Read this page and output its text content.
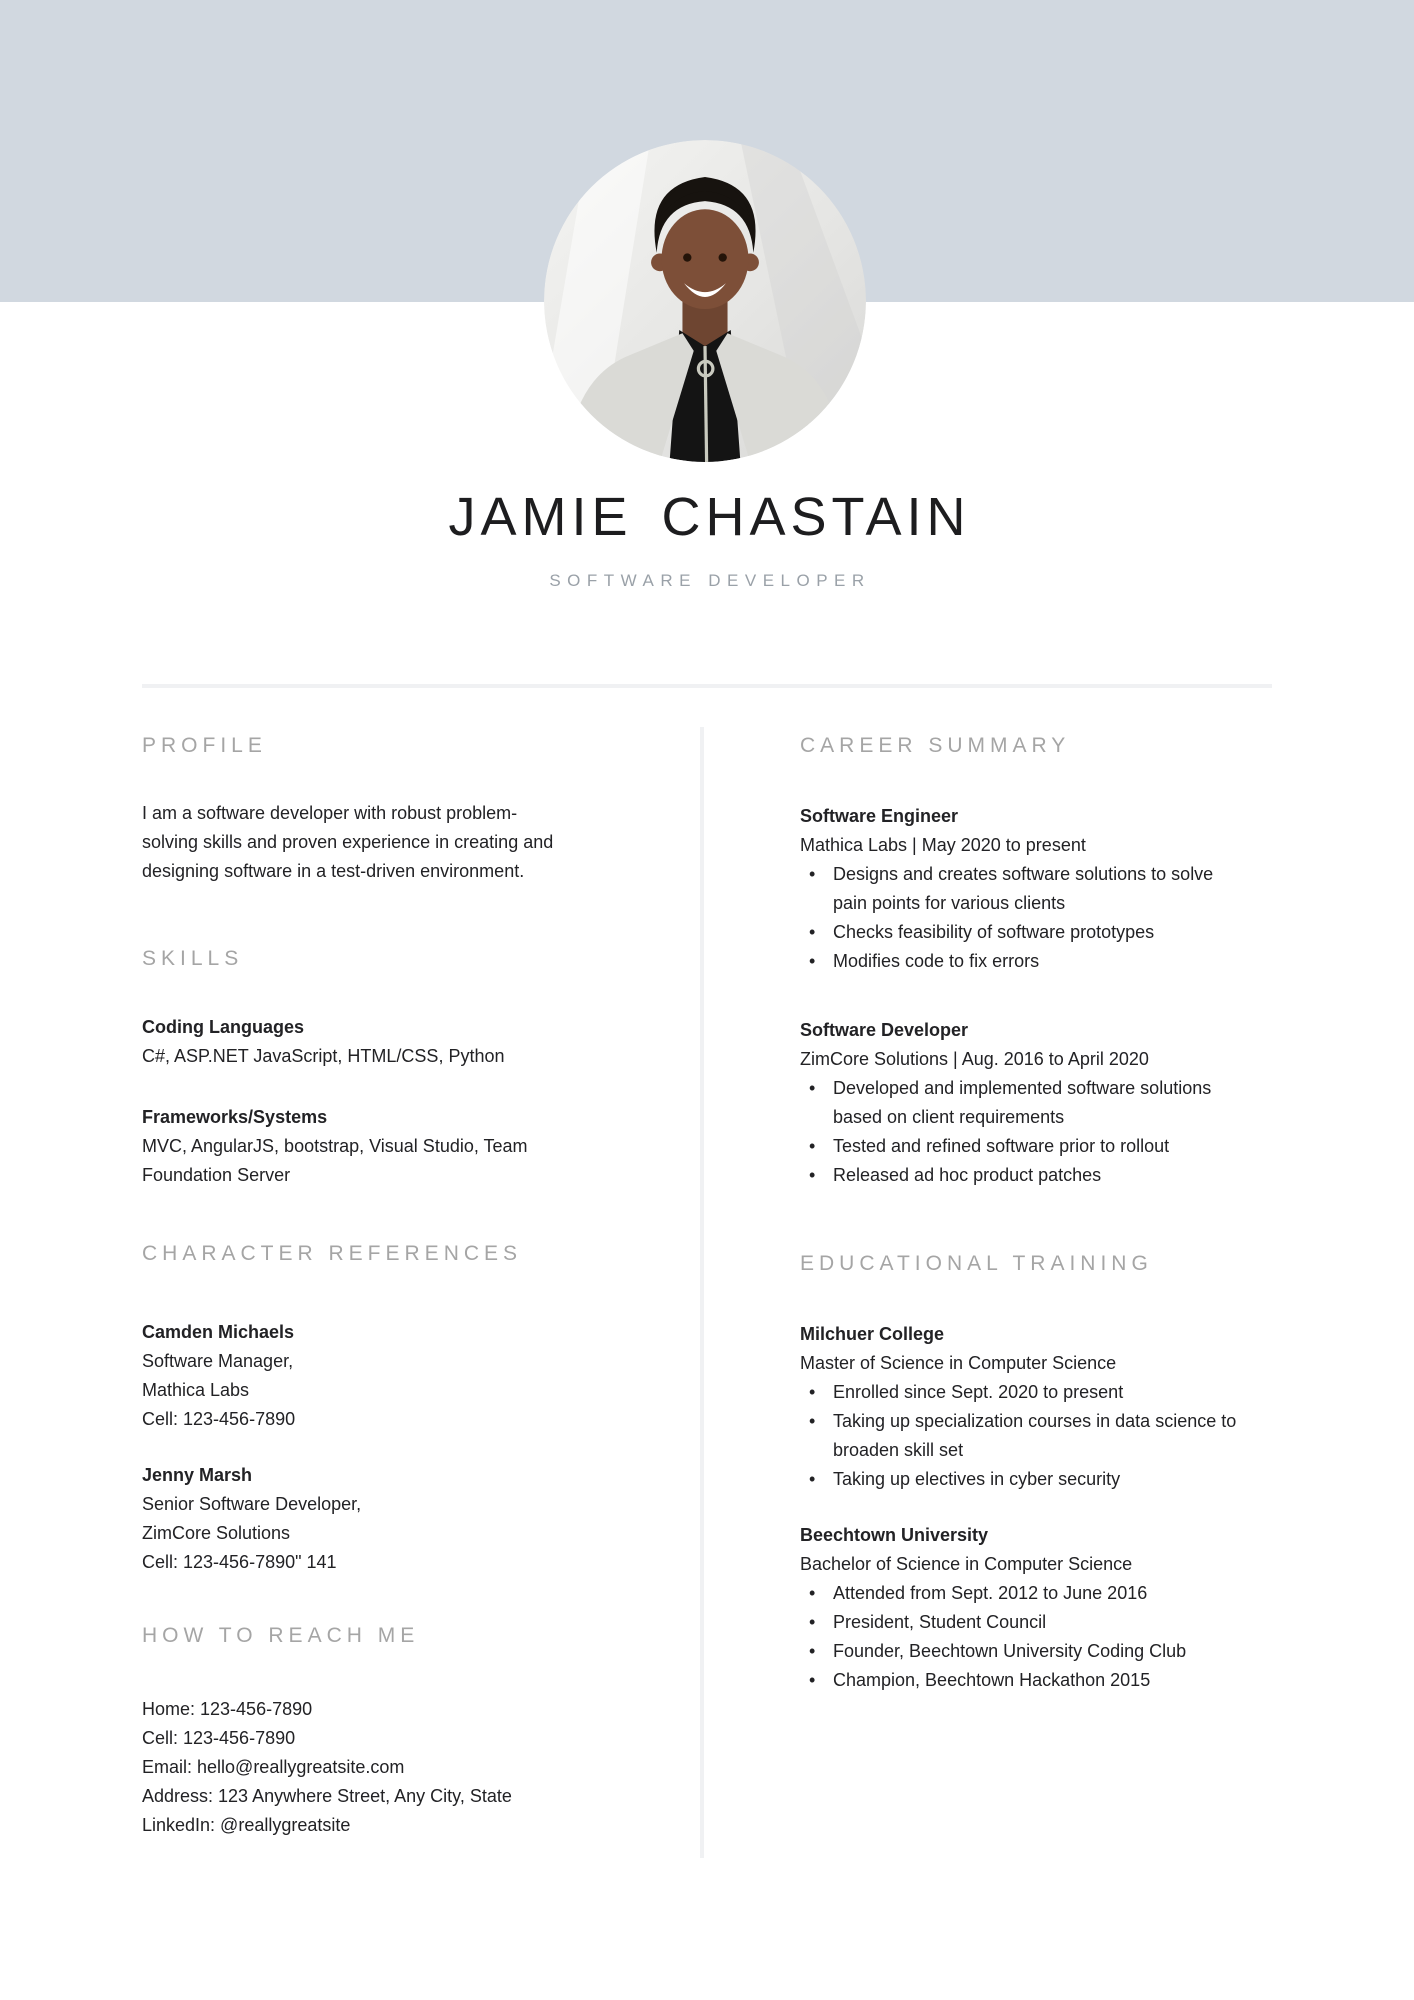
JAMIE CHASTAIN
SOFTWARE DEVELOPER
PROFILE

I am a software developer with robust problem-solving skills and proven experience in creating and designing software in a test-driven environment.

SKILLS
Coding Languages
C#, ASP.NET JavaScript, HTML/CSS, Python
Frameworks/Systems
MVC, AngularJS, bootstrap, Visual Studio, Team Foundation Server
CHARACTER REFERENCES
Camden Michaels
Software Manager,
Mathica Labs
Cell: 123-456-7890
Jenny Marsh
Senior Software Developer,
ZimCore Solutions
Cell: 123-456-7890" 141
HOW TO REACH ME
Home: 123-456-7890
Cell: 123-456-7890
Email: hello@reallygreatsite.com
Address: 123 Anywhere Street, Any City, State
LinkedIn: @reallygreatsite
CAREER SUMMARY
Software Engineer
Mathica Labs | May 2020 to present
• Designs and creates software solutions to solve pain points for various clients
• Checks feasibility of software prototypes
• Modifies code to fix errors
Software Developer
ZimCore Solutions | Aug. 2016 to April 2020
• Developed and implemented software solutions based on client requirements
• Tested and refined software prior to rollout
• Released ad hoc product patches
EDUCATIONAL TRAINING
Milchuer College
Master of Science in Computer Science
• Enrolled since Sept. 2020 to present
• Taking up specialization courses in data science to broaden skill set
• Taking up electives in cyber security
Beechtown University
Bachelor of Science in Computer Science
• Attended from Sept. 2012 to June 2016
• President, Student Council
• Founder, Beechtown University Coding Club
• Champion, Beechtown Hackathon 2015
